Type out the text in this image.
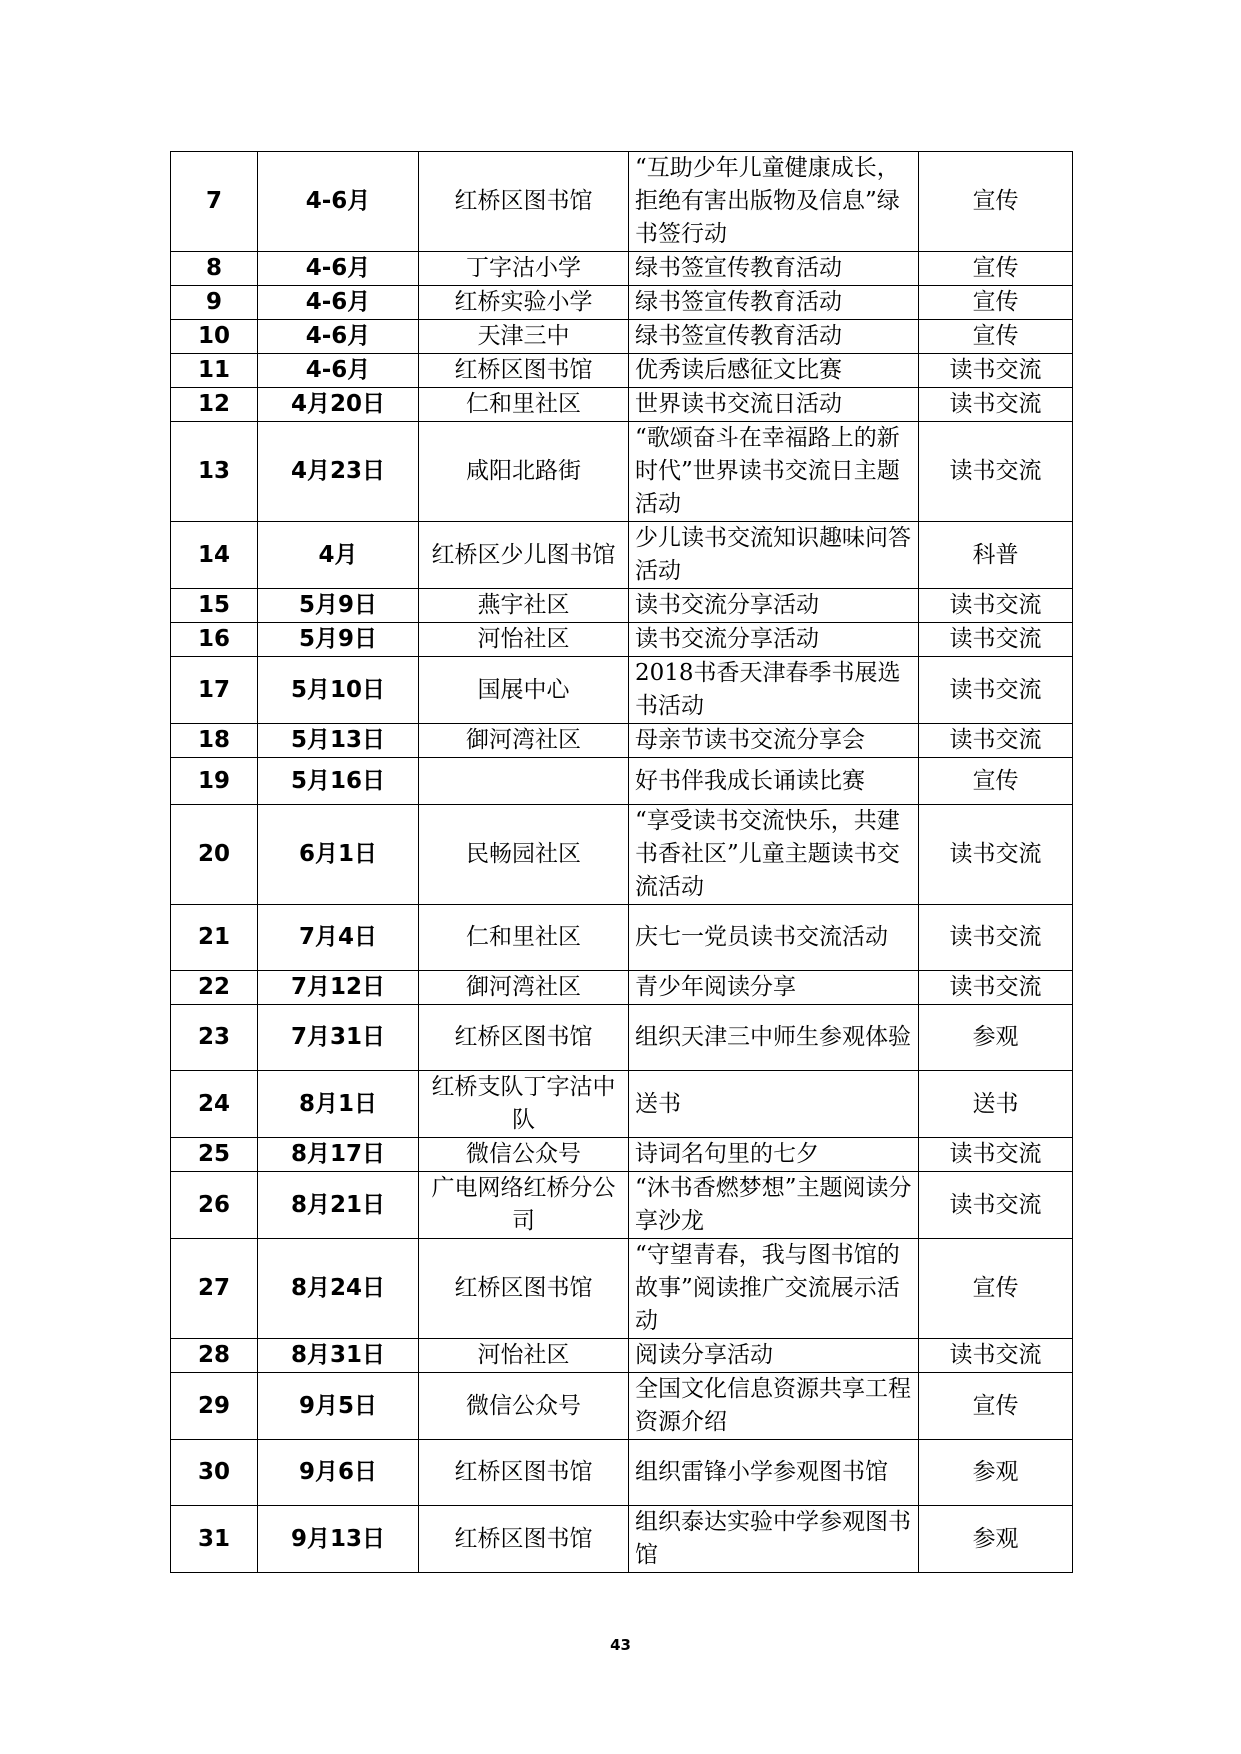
7	4-6月	红桥区图书馆	“互助少年儿童健康成长，拒绝有害出版物及信息”绿书签行动	宣传
8	4-6月	丁字沽小学	绿书签宣传教育活动	宣传
9	4-6月	红桥实验小学	绿书签宣传教育活动	宣传
10	4-6月	天津三中	绿书签宣传教育活动	宣传
11	4-6月	红桥区图书馆	优秀读后感征文比赛	读书交流
12	4月20日	仁和里社区	世界读书交流日活动	读书交流
13	4月23日	咸阳北路街	“歌颂奋斗在幸福路上的新时代”世界读书交流日主题活动	读书交流
14	4月	红桥区少儿图书馆	少儿读书交流知识趣味问答活动	科普
15	5月9日	燕宇社区	读书交流分享活动	读书交流
16	5月9日	河怡社区	读书交流分享活动	读书交流
17	5月10日	国展中心	2018书香天津春季书展选书活动	读书交流
18	5月13日	御河湾社区	母亲节读书交流分享会	读书交流
19	5月16日		好书伴我成长诵读比赛	宣传
20	6月1日	民畅园社区	“享受读书交流快乐，共建书香社区”儿童主题读书交流活动	读书交流
21	7月4日	仁和里社区	庆七一党员读书交流活动	读书交流
22	7月12日	御河湾社区	青少年阅读分享	读书交流
23	7月31日	红桥区图书馆	组织天津三中师生参观体验	参观
24	8月1日	红桥支队丁字沽中队	送书	送书
25	8月17日	微信公众号	诗词名句里的七夕	读书交流
26	8月21日	广电网络红桥分公司	“沐书香燃梦想”主题阅读分享沙龙	读书交流
27	8月24日	红桥区图书馆	“守望青春，我与图书馆的故事”阅读推广交流展示活动	宣传
28	8月31日	河怡社区	阅读分享活动	读书交流
29	9月5日	微信公众号	全国文化信息资源共享工程资源介绍	宣传
30	9月6日	红桥区图书馆	组织雷锋小学参观图书馆	参观
31	9月13日	红桥区图书馆	组织泰达实验中学参观图书馆	参观
43
